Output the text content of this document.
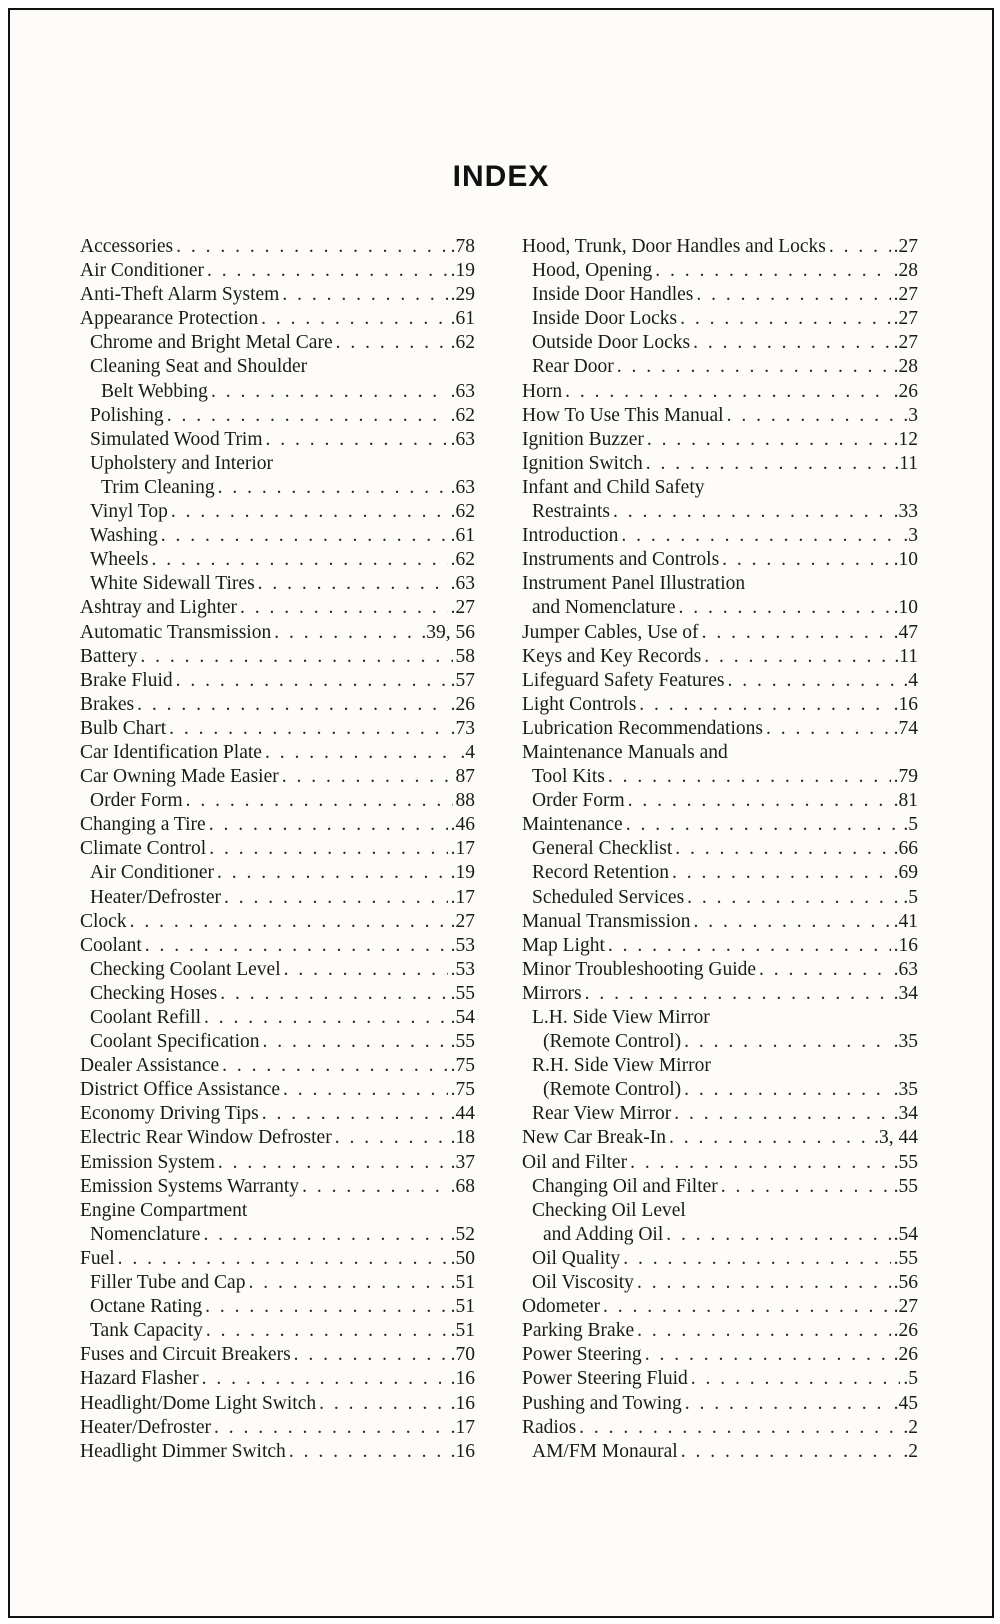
INDEX
Accessories . . .	.78
Air Conditioner . . .	.19
Anti-Theft Alarm System . . .	.29
Appearance Protection . . .	.61
Chrome and Bright Metal Care . . .	.62
Cleaning Seat and Shoulder
Belt Webbing . . .	.63
Polishing . . .	.62
Simulated Wood Trim . . .	.63
Upholstery and Interior
Trim Cleaning . . .	.63
Vinyl Top . . .	.62
Washing . . .	.61
Wheels . . .	.62
White Sidewall Tires . . .	.63
Ashtray and Lighter . . .	.27
Automatic Transmission . . .	.39, 56
Battery . . .	58
Brake Fluid . . .	.57
Brakes . . .	.26
Bulb Chart . . .	.73
Car Identification Plate . . .	.4
Car Owning Made Easier . . .	87
Order Form . . .	88
Changing a Tire . . .	.46
Climate Control . . .	.17
Air Conditioner . . .	.19
Heater/Defroster . . .	.17
Clock . . .	.27
Coolant . . .	.53
Checking Coolant Level . . .	.53
Checking Hoses . . .	.55
Coolant Refill . . .	.54
Coolant Specification . . .	.55
Dealer Assistance . . .	.75
District Office Assistance . . .	.75
Economy Driving Tips . . .	.44
Electric Rear Window Defroster . . .	.18
Emission System . . .	.37
Emission Systems Warranty . . .	.68
Engine Compartment
Nomenclature . . .	.52
Fuel . . .	.50
Filler Tube and Cap . . .	.51
Octane Rating . . .	.51
Tank Capacity . . .	.51
Fuses and Circuit Breakers . . .	.70
Hazard Flasher . . .	.16
Headlight/Dome Light Switch . . .	.16
Heater/Defroster . . .	.17
Headlight Dimmer Switch . . .	.16
Hood, Trunk, Door Handles and Locks . . .	.27
Hood, Opening . . .	.28
Inside Door Handles . . .	.27
Inside Door Locks . . .	.27
Outside Door Locks . . .	.27
Rear Door . . .	.28
Horn . . .	.26
How To Use This Manual . . .	.3
Ignition Buzzer . . .	.12
Ignition Switch . . .	.11
Infant and Child Safety
Restraints . . .	.33
Introduction . . .	.3
Instruments and Controls . . .	.10
Instrument Panel Illustration
and Nomenclature . . .	.10
Jumper Cables, Use of . . .	.47
Keys and Key Records . . .	.11
Lifeguard Safety Features . . .	.4
Light Controls . . .	.16
Lubrication Recommendations . . .	.74
Maintenance Manuals and
Tool Kits . . .	.79
Order Form . . .	.81
Maintenance . . .	.5
General Checklist . . .	.66
Record Retention . . .	.69
Scheduled Services . . .	.5
Manual Transmission . . .	.41
Map Light . . .	.16
Minor Troubleshooting Guide . . .	.63
Mirrors . . .	.34
L.H. Side View Mirror
(Remote Control) . . .	.35
R.H. Side View Mirror
(Remote Control) . . .	.35
Rear View Mirror . . .	.34
New Car Break-In . . .	.3, 44
Oil and Filter . . .	.55
Changing Oil and Filter . . .	.55
Checking Oil Level
and Adding Oil . . .	.54
Oil Quality . . .	.55
Oil Viscosity . . .	.56
Odometer . . .	.27
Parking Brake . . .	.26
Power Steering . . .	.26
Power Steering Fluid . . .	.5
Pushing and Towing . . .	.45
Radios . . .	.2
AM/FM Monaural . . .	.2
